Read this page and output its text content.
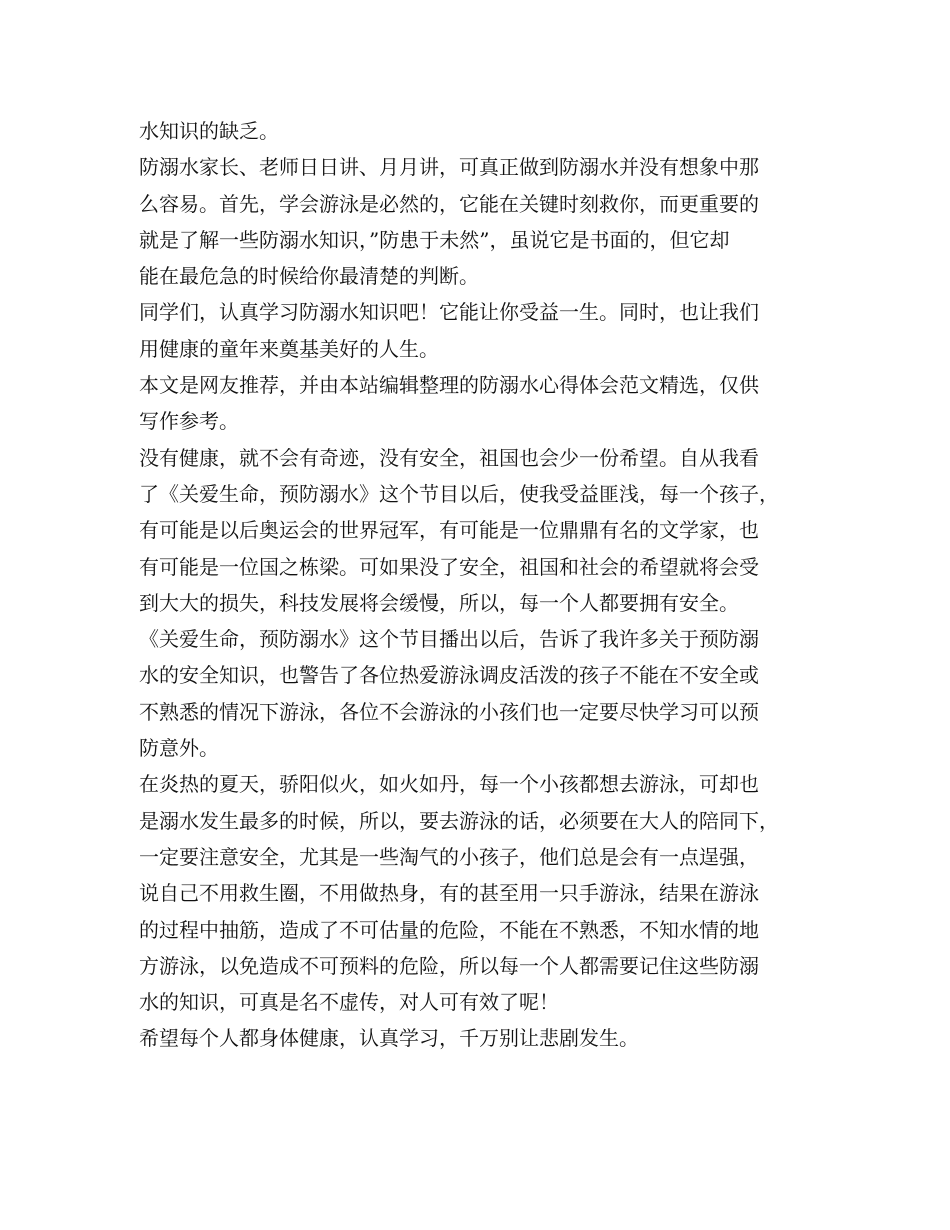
水知识的缺乏。
防溺水家长、老师日日讲、月月讲，可真正做到防溺水并没有想象中那
么容易。首先，学会游泳是必然的，它能在关键时刻救你，而更重要的
就是了解一些防溺水知识，”防患于未然”，虽说它是书面的，但它却
能在最危急的时候给你最清楚的判断。
同学们，认真学习防溺水知识吧！它能让你受益一生。同时，也让我们
用健康的童年来奠基美好的人生。
本文是网友推荐，并由本站编辑整理的防溺水心得体会范文精选，仅供
写作参考。
没有健康，就不会有奇迹，没有安全，祖国也会少一份希望。自从我看
了《关爱生命，预防溺水》这个节目以后，使我受益匪浅，每一个孩子，
有可能是以后奥运会的世界冠军，有可能是一位鼎鼎有名的文学家，也
有可能是一位国之栋梁。可如果没了安全，祖国和社会的希望就将会受
到大大的损失，科技发展将会缓慢，所以，每一个人都要拥有安全。
《关爱生命，预防溺水》这个节目播出以后，告诉了我许多关于预防溺
水的安全知识，也警告了各位热爱游泳调皮活泼的孩子不能在不安全或
不熟悉的情况下游泳，各位不会游泳的小孩们也一定要尽快学习可以预
防意外。
在炎热的夏天，骄阳似火，如火如丹，每一个小孩都想去游泳，可却也
是溺水发生最多的时候，所以，要去游泳的话，必须要在大人的陪同下，
一定要注意安全，尤其是一些淘气的小孩子，他们总是会有一点逞强，
说自己不用救生圈，不用做热身，有的甚至用一只手游泳，结果在游泳
的过程中抽筋，造成了不可估量的危险，不能在不熟悉，不知水情的地
方游泳，以免造成不可预料的危险，所以每一个人都需要记住这些防溺
水的知识，可真是名不虚传，对人可有效了呢！
希望每个人都身体健康，认真学习，千万别让悲剧发生。
